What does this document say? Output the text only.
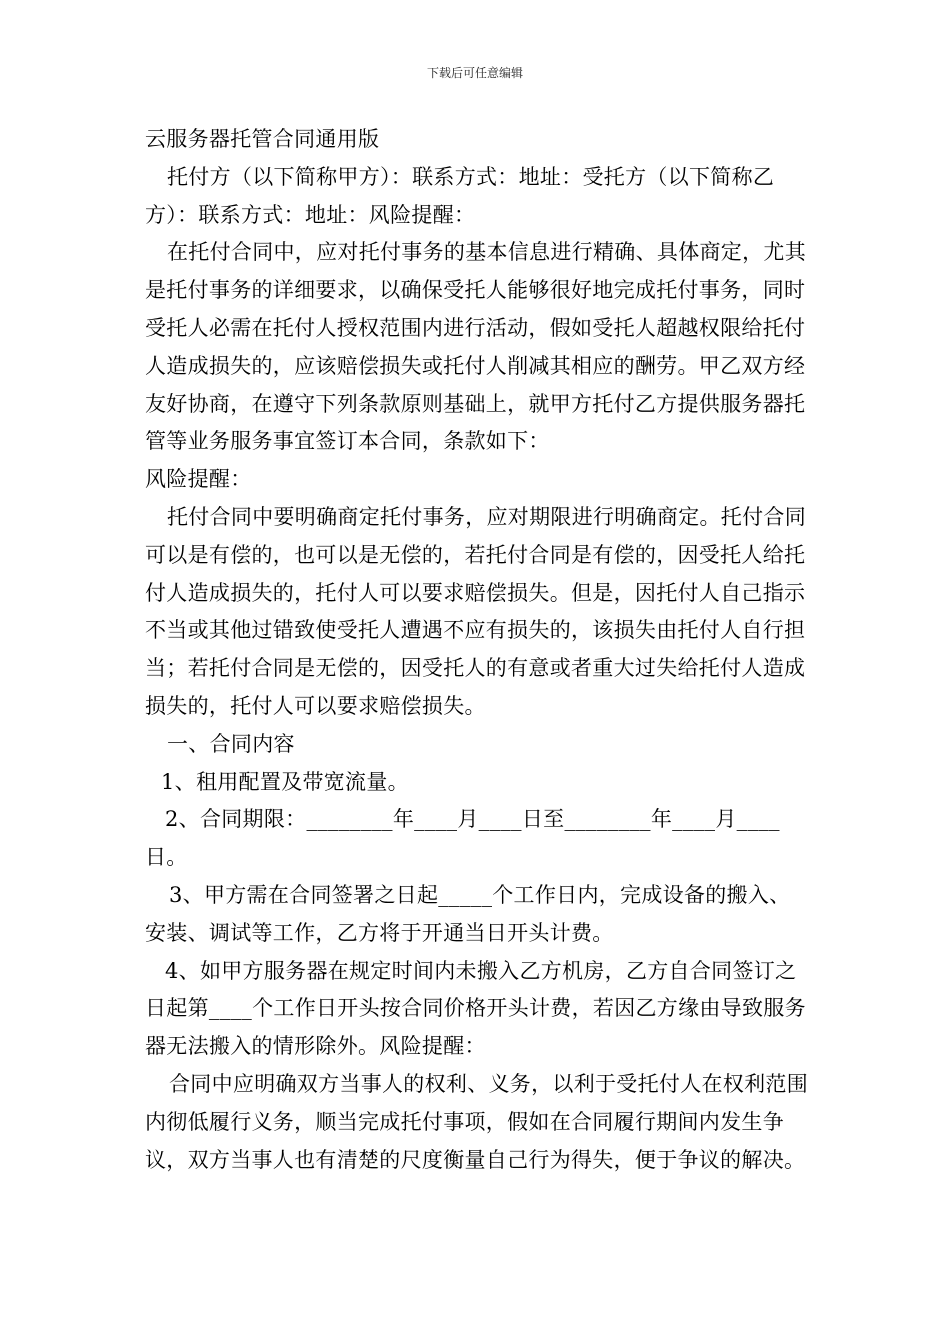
下载后可任意编辑

云服务器托管合同通用版

托付方（以下简称甲方）：联系方式：地址：受托方（以下简称乙方）：联系方式：地址：风险提醒：

在托付合同中，应对托付事务的基本信息进行精确、具体商定，尤其是托付事务的详细要求，以确保受托人能够很好地完成托付事务，同时受托人必需在托付人授权范围内进行活动，假如受托人超越权限给托付人造成损失的，应该赔偿损失或托付人削减其相应的酬劳。甲乙双方经友好协商，在遵守下列条款原则基础上，就甲方托付乙方提供服务器托管等业务服务事宜签订本合同，条款如下：

风险提醒：

托付合同中要明确商定托付事务，应对期限进行明确商定。托付合同可以是有偿的，也可以是无偿的，若托付合同是有偿的，因受托人给托付人造成损失的，托付人可以要求赔偿损失。但是，因托付人自己指示不当或其他过错致使受托人遭遇不应有损失的，该损失由托付人自行担当；若托付合同是无偿的，因受托人的有意或者重大过失给托付人造成损失的，托付人可以要求赔偿损失。

一、合同内容

1、租用配置及带宽流量。

2、合同期限：________年____月____日至________年____月____日。

3、甲方需在合同签署之日起_____个工作日内，完成设备的搬入、安装、调试等工作，乙方将于开通当日开头计费。

4、如甲方服务器在规定时间内未搬入乙方机房，乙方自合同签订之日起第____个工作日开头按合同价格开头计费，若因乙方缘由导致服务器无法搬入的情形除外。风险提醒：

合同中应明确双方当事人的权利、义务，以利于受托付人在权利范围内彻低履行义务，顺当完成托付事项，假如在合同履行期间内发生争议，双方当事人也有清楚的尺度衡量自己行为得失，便于争议的解决。
